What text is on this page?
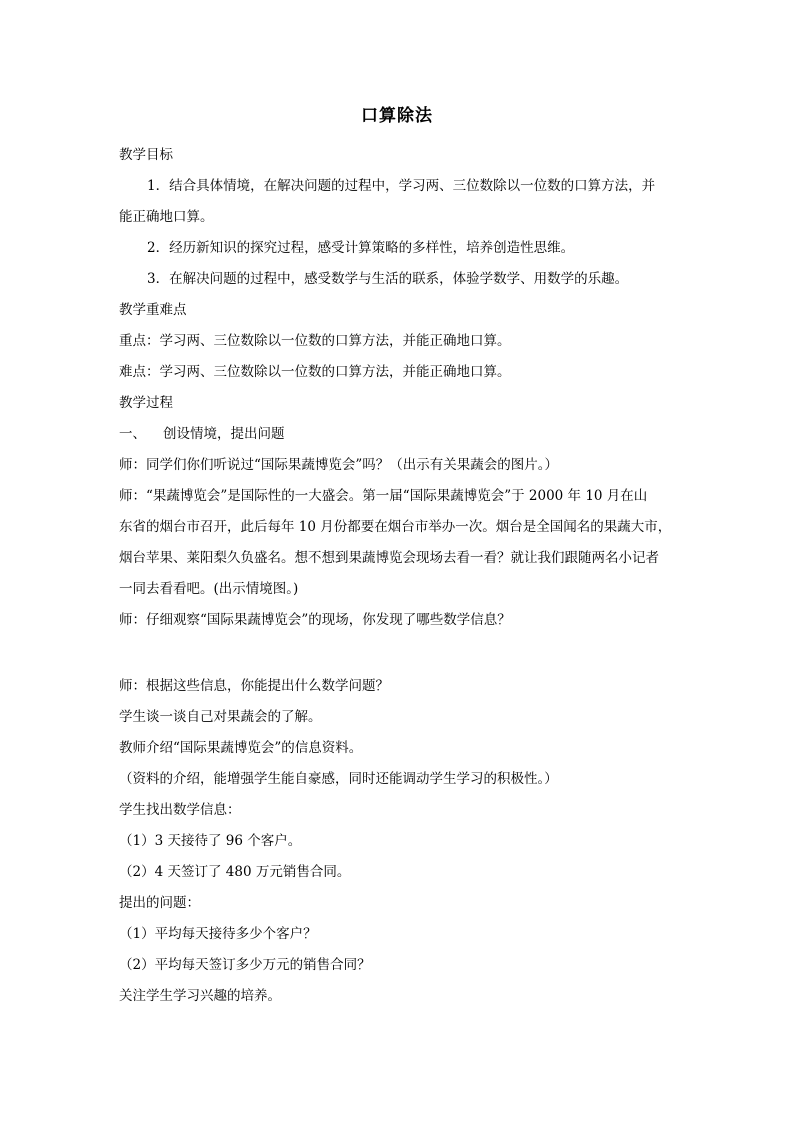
口算除法
教学目标
1．结合具体情境，在解决问题的过程中，学习两、三位数除以一位数的口算方法，并
能正确地口算。
2．经历新知识的探究过程，感受计算策略的多样性，培养创造性思维。
3．在解决问题的过程中，感受数学与生活的联系，体验学数学、用数学的乐趣。
教学重难点
重点：学习两、三位数除以一位数的口算方法，并能正确地口算。
难点：学习两、三位数除以一位数的口算方法，并能正确地口算。
教学过程
一、 创设情境，提出问题
师：同学们你们听说过“国际果蔬博览会”吗？（出示有关果蔬会的图片。）
师：“果蔬博览会”是国际性的一大盛会。第一届“国际果蔬博览会”于 2000 年 10 月在山
东省的烟台市召开，此后每年 10 月份都要在烟台市举办一次。烟台是全国闻名的果蔬大市，
烟台苹果、莱阳梨久负盛名。想不想到果蔬博览会现场去看一看？就让我们跟随两名小记者
一同去看看吧。(出示情境图。)
师：仔细观察“国际果蔬博览会”的现场，你发现了哪些数学信息？
师：根据这些信息，你能提出什么数学问题？
学生谈一谈自己对果蔬会的了解。
教师介绍“国际果蔬博览会”的信息资料。
（资料的介绍，能增强学生能自豪感，同时还能调动学生学习的积极性。）
学生找出数学信息：
（1）3 天接待了 96 个客户。
（2）4 天签订了 480 万元销售合同。
提出的问题：
（1）平均每天接待多少个客户？
（2）平均每天签订多少万元的销售合同？
关注学生学习兴趣的培养。
